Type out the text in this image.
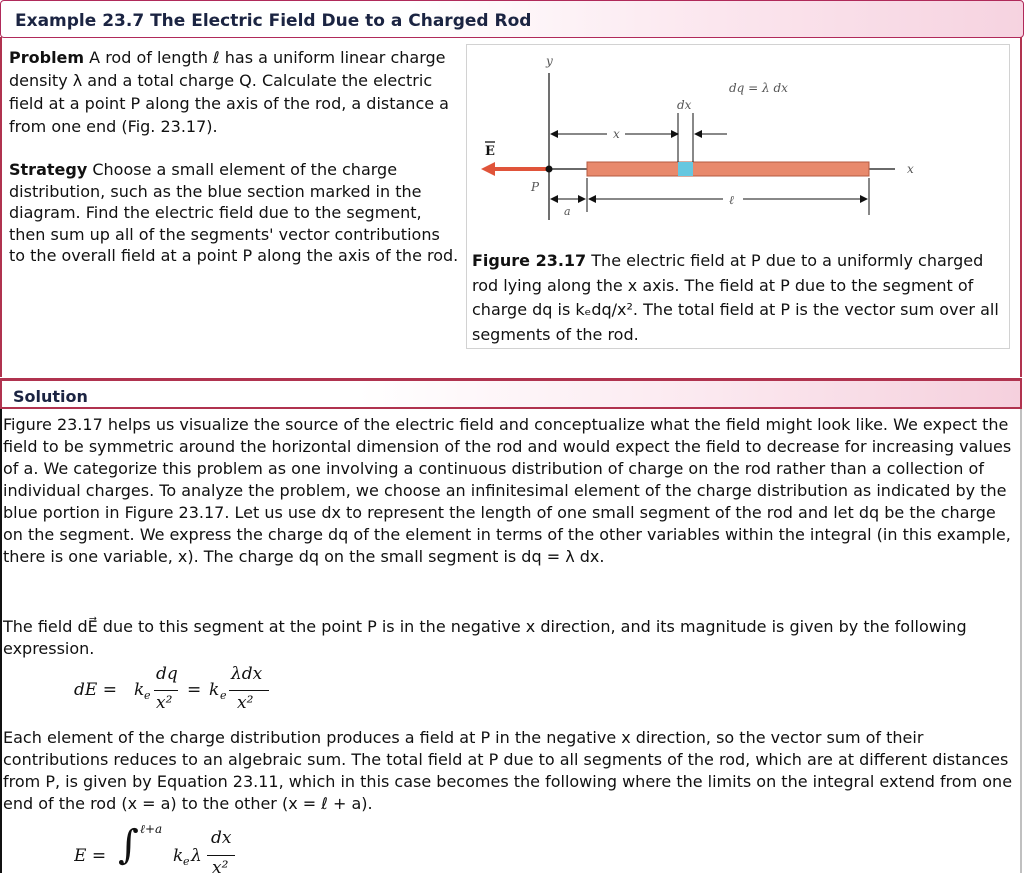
Example 23.7 The Electric Field Due to a Charged Rod
Problem A rod of length ℓ has a uniform linear charge density λ and a total charge Q. Calculate the electric field at a point P along the axis of the rod, a distance a from one end (Fig. 23.17).
Strategy Choose a small element of the charge distribution, such as the blue section marked in the diagram. Find the electric field due to the segment, then sum up all of the segments' vector contributions to the overall field at a point P along the axis of the rod.
y
x
E
P
x
dx
dq = λ dx
a
ℓ
Figure 23.17 The electric field at P due to a uniformly charged rod lying along the x axis. The field at P due to the segment of charge dq is kₑdq/x². The total field at P is the vector sum over all segments of the rod.
Solution
Figure 23.17 helps us visualize the source of the electric field and conceptualize what the field might look like. We expect the field to be symmetric around the horizontal dimension of the rod and would expect the field to decrease for increasing values of a. We categorize this problem as one involving a continuous distribution of charge on the rod rather than a collection of individual charges. To analyze the problem, we choose an infinitesimal element of the charge distribution as indicated by the blue portion in Figure 23.17. Let us use dx to represent the length of one small segment of the rod and let dq be the charge on the segment. We express the charge dq of the element in terms of the other variables within the integral (in this example, there is one variable, x). The charge dq on the small segment is dq = λ dx.
The field dE⃗ due to this segment at the point P is in the negative x direction, and its magnitude is given by the following expression.
dE = k e
dq
x²
= k e
λdx
x²
Each element of the charge distribution produces a field at P in the negative x direction, so the vector sum of their contributions reduces to an algebraic sum. The total field at P due to all segments of the rod, which are at different distances from P, is given by Equation 23.11, which in this case becomes the following where the limits on the integral extend from one end of the rod (x = a) to the other (x = ℓ + a).
E = ∫ ℓ+a
k e λ
dx
x²
